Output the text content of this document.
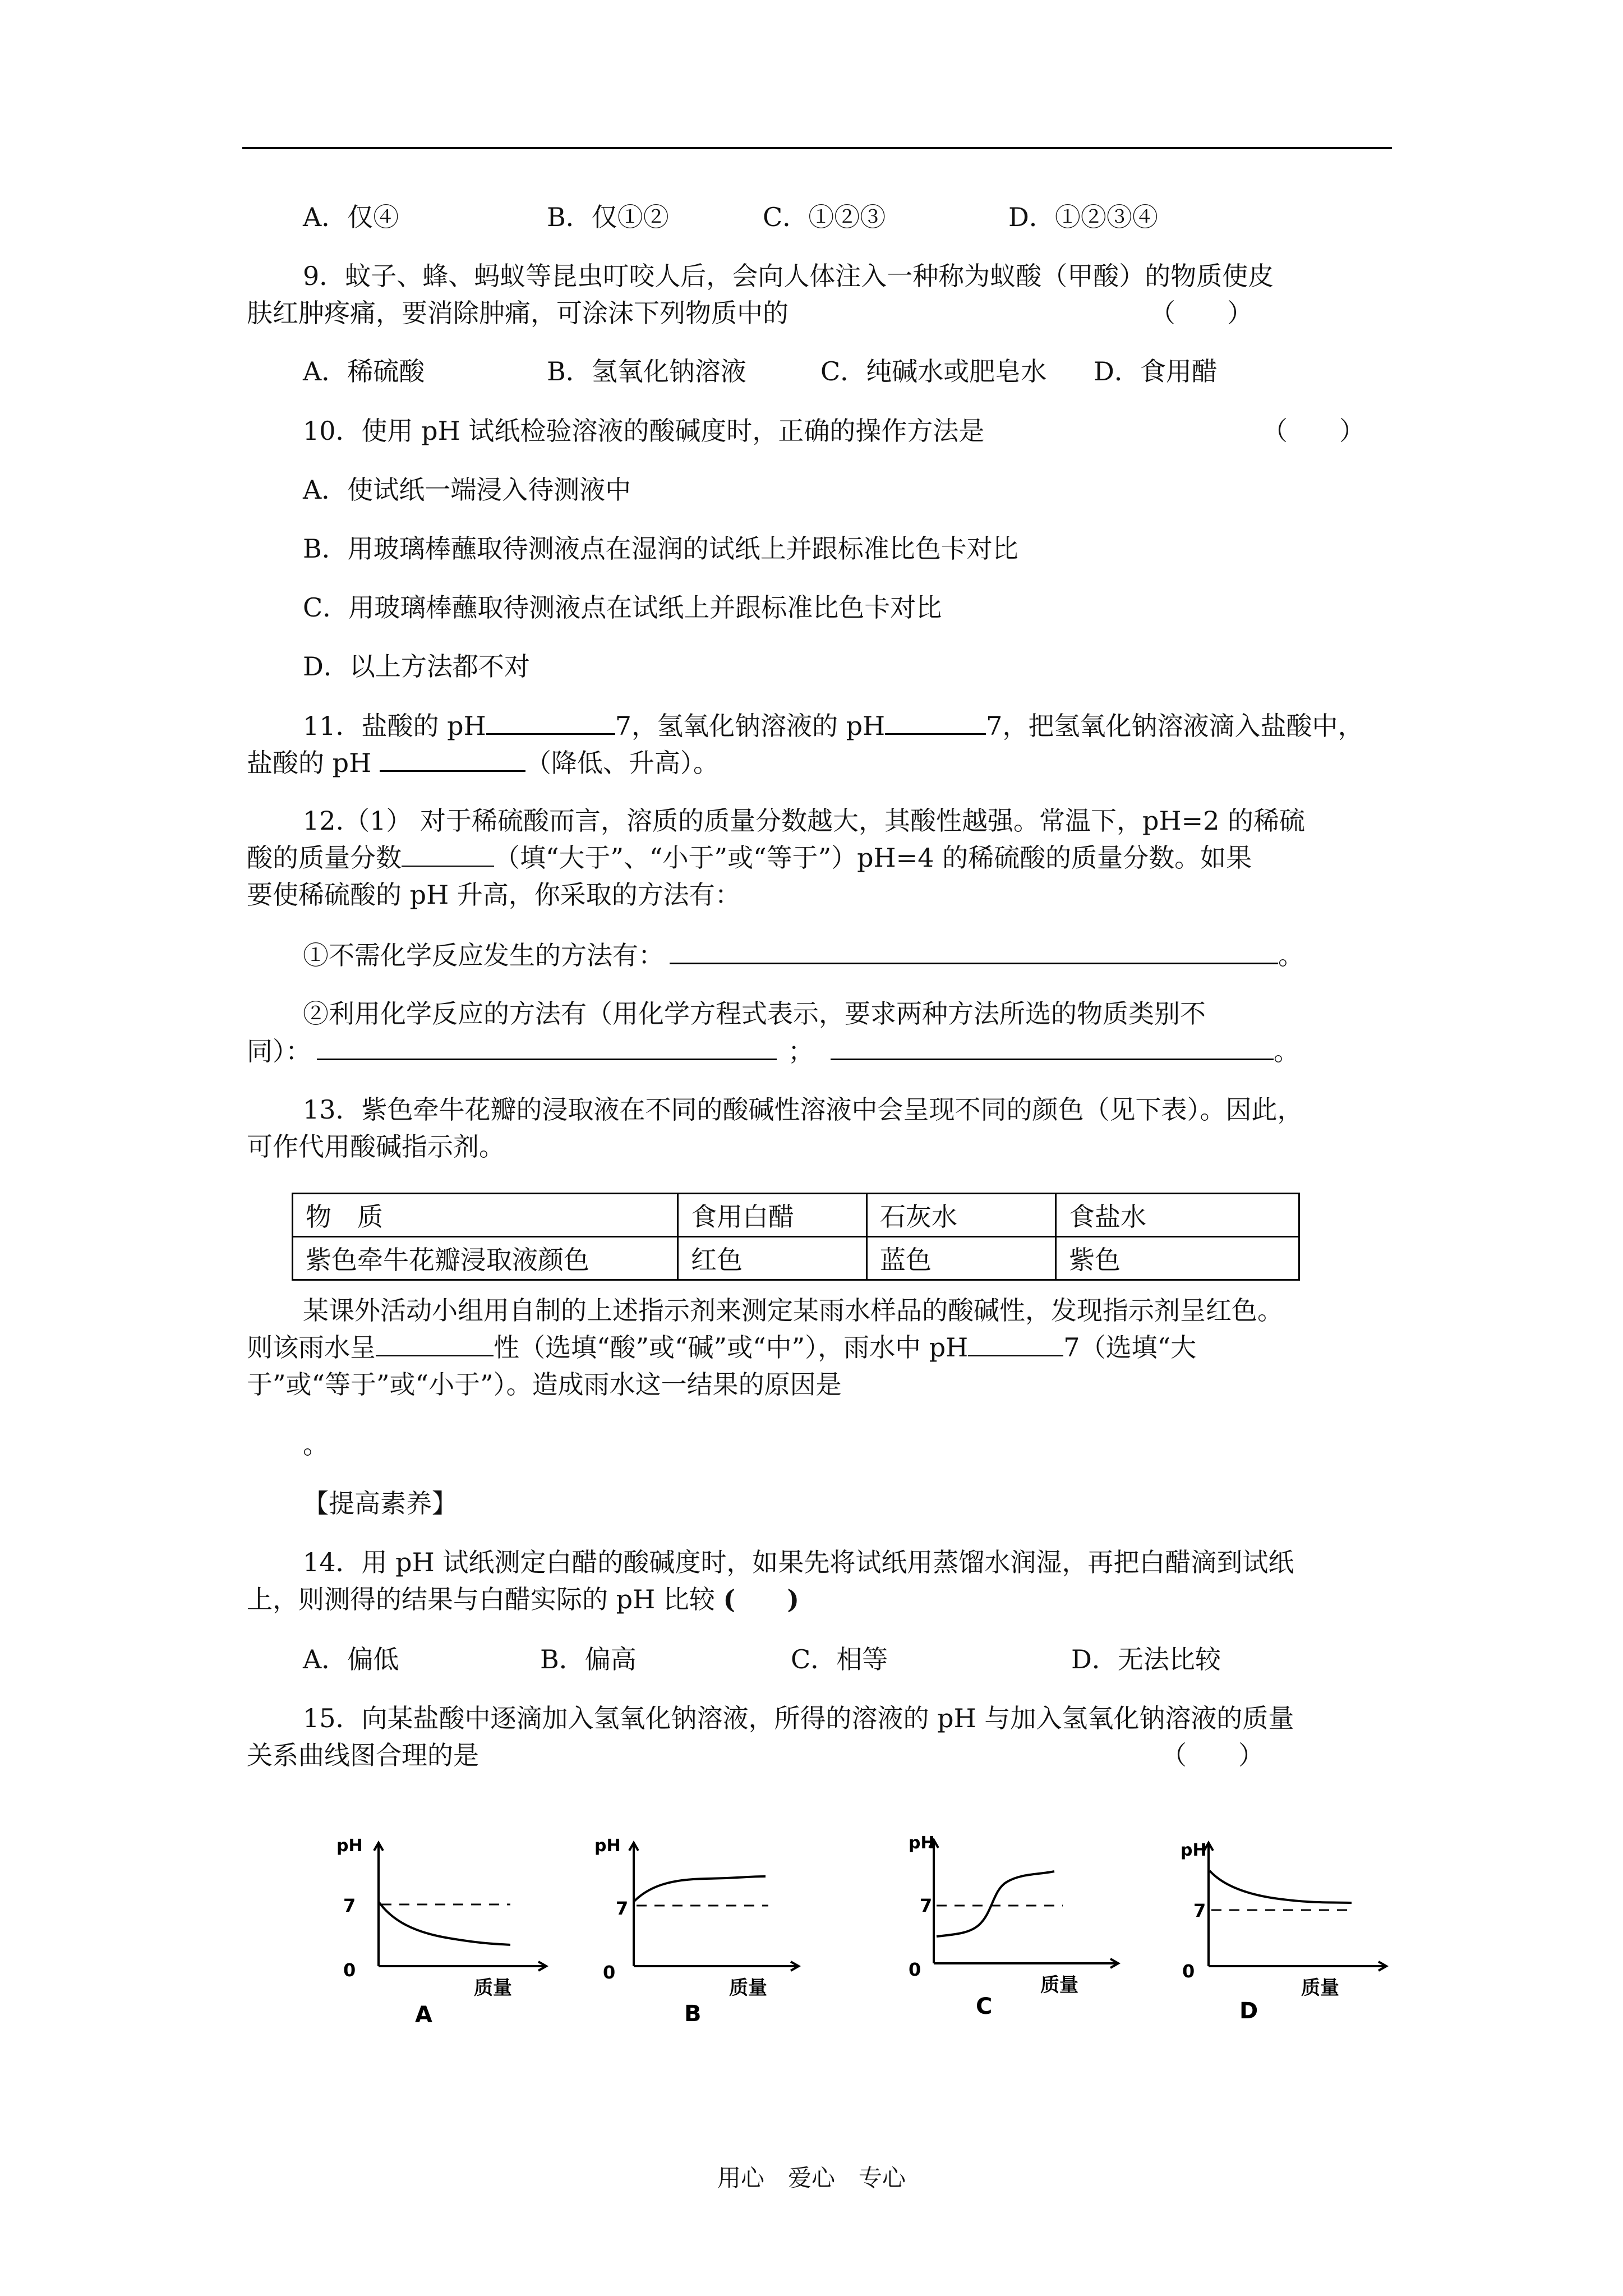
A．仅④	B．仅①②	C．①②③	D．①②③④
9．蚊子、蜂、蚂蚁等昆虫叮咬人后，会向人体注入一种称为蚁酸（甲酸）的物质使皮
肤红肿疼痛，要消除肿痛，可涂沫下列物质中的	（　　）
A．稀硫酸	B．氢氧化钠溶液	C．纯碱水或肥皂水 D．食用醋
10．使用 pH 试纸检验溶液的酸碱度时，正确的操作方法是	（　　）
A．使试纸一端浸入待测液中
B．用玻璃棒蘸取待测液点在湿润的试纸上并跟标准比色卡对比
C．用玻璃棒蘸取待测液点在试纸上并跟标准比色卡对比
D．以上方法都不对
11．盐酸的 pH	7，氢氧化钠溶液的 pH	7，把氢氧化钠溶液滴入盐酸中，
盐酸的 pH	（降低、升高）。
12.（1） 对于稀硫酸而言，溶质的质量分数越大，其酸性越强。常温下，pH=2 的稀硫
酸的质量分数	（填“大于”、“小于”或“等于”）pH=4 的稀硫酸的质量分数。如果
要使稀硫酸的 pH 升高，你采取的方法有：
①不需化学反应发生的方法有：	。
②利用化学反应的方法有（用化学方程式表示，要求两种方法所选的物质类别不
同）：	；	。
13．紫色牵牛花瓣的浸取液在不同的酸碱性溶液中会呈现不同的颜色（见下表）。因此，
可作代用酸碱指示剂。
物　质	食用白醋	石灰水	食盐水
紫色牵牛花瓣浸取液颜色	红色	蓝色	紫色
某课外活动小组用自制的上述指示剂来测定某雨水样品的酸碱性，发现指示剂呈红色。
则该雨水呈	性（选填“酸”或“碱”或“中”），雨水中 pH	7（选填“大
于”或“等于”或“小于”）。造成雨水这一结果的原因是
。
【提高素养】
14．用 pH 试纸测定白醋的酸碱度时，如果先将试纸用蒸馏水润湿，再把白醋滴到试纸
上，则测得的结果与白醋实际的 pH 比较 (　　)
A．偏低	B．偏高	C．相等	D．无法比较
15．向某盐酸中逐滴加入氢氧化钠溶液，所得的溶液的 pH 与加入氢氧化钠溶液的质量
关系曲线图合理的是	（　　）
pH
7
0
质量
A
pH
7
0
质量
B
pH
7
0
质量
C
pH
7
0
质量
D
用心　爱心　专心
